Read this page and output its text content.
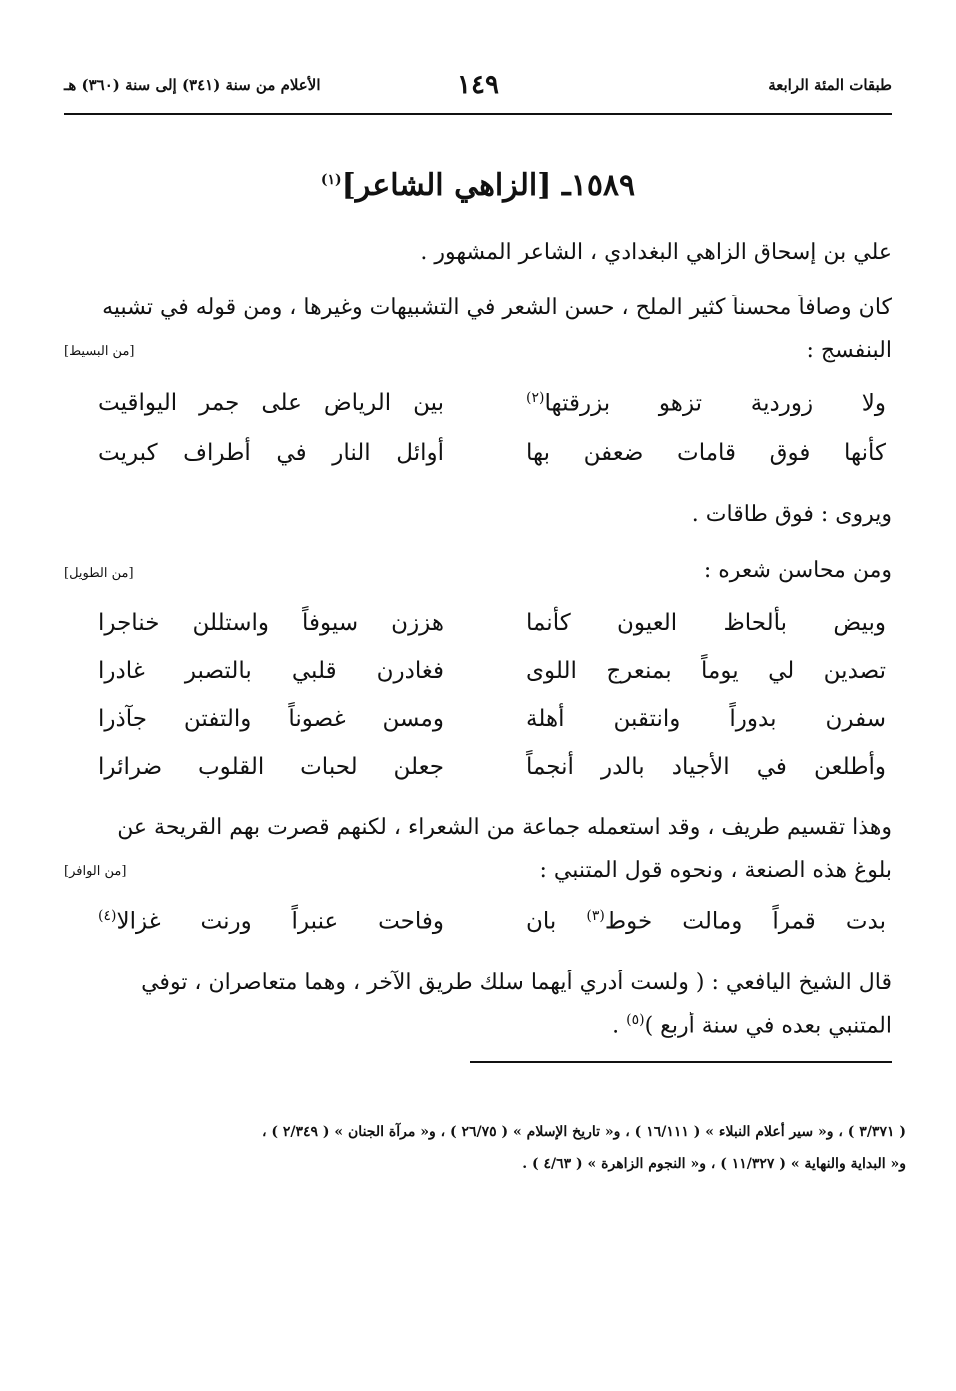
طبقات المئة الرابعة
١٤٩
الأعلام من سنة (٣٤١) إلى سنة (٣٦٠) هـ
١٥٨٩ـ [الزاهي الشاعر]$^{(١)}$
علي بن إسحاق الزاهي البغدادي ، الشاعر المشهور .
كان وصافاً محسناً كثير الملح ، حسن الشعر في التشبيهات وغيرها ، ومن قوله في تشبيه
البنفسج :
[من البسيط]
ولا زوردية تزهو بزرقتها$^{(٢)}$
بين الرياض على جمر اليواقيت
كأنها فوق قامات ضعفن بها
أوائل النار في أطراف كبريت
ويروى : فوق طاقات .
ومن محاسن شعره :
[من الطويل]
وبيض بألحاظ العيون كأنما
هززن سيوفاً واستللن خناجرا
تصدين لي يوماً بمنعرج اللوى
فغادرن قلبي بالتصبر غادرا
سفرن بدوراً وانتقبن أهلة
ومسن غصوناً والتفتن جآذرا
وأطلعن في الأجياد بالدر أنجماً
جعلن لحبات القلوب ضرائرا
وهذا تقسيم طريف ، وقد استعمله جماعة من الشعراء ، لكنهم قصرت بهم القريحة عن
بلوغ هذه الصنعة ، ونحوه قول المتنبي :
[من الوافر]
بدت قمراً ومالت خوط$^{(٣)}$ بان
وفاحت عنبراً ورنت غزالا$^{(٤)}$
قال الشيخ اليافعي : ( ولست أدري أيهما سلك طريق الآخر ، وهما متعاصران ، توفي
المتنبي بعده في سنة أربع )$^{(٥)}$ .
( ٣/٣٧١ ) ، و« سير أعلام النبلاء » ( ١٦/١١١ ) ، و« تاريخ الإسلام » ( ٢٦/٧٥ ) ، و« مرآة الجنان » ( ٢/٣٤٩ ) ،
و« البداية والنهاية » ( ١١/٣٢٧ ) ، و« النجوم الزاهرة » ( ٤/٦٣ ) .
